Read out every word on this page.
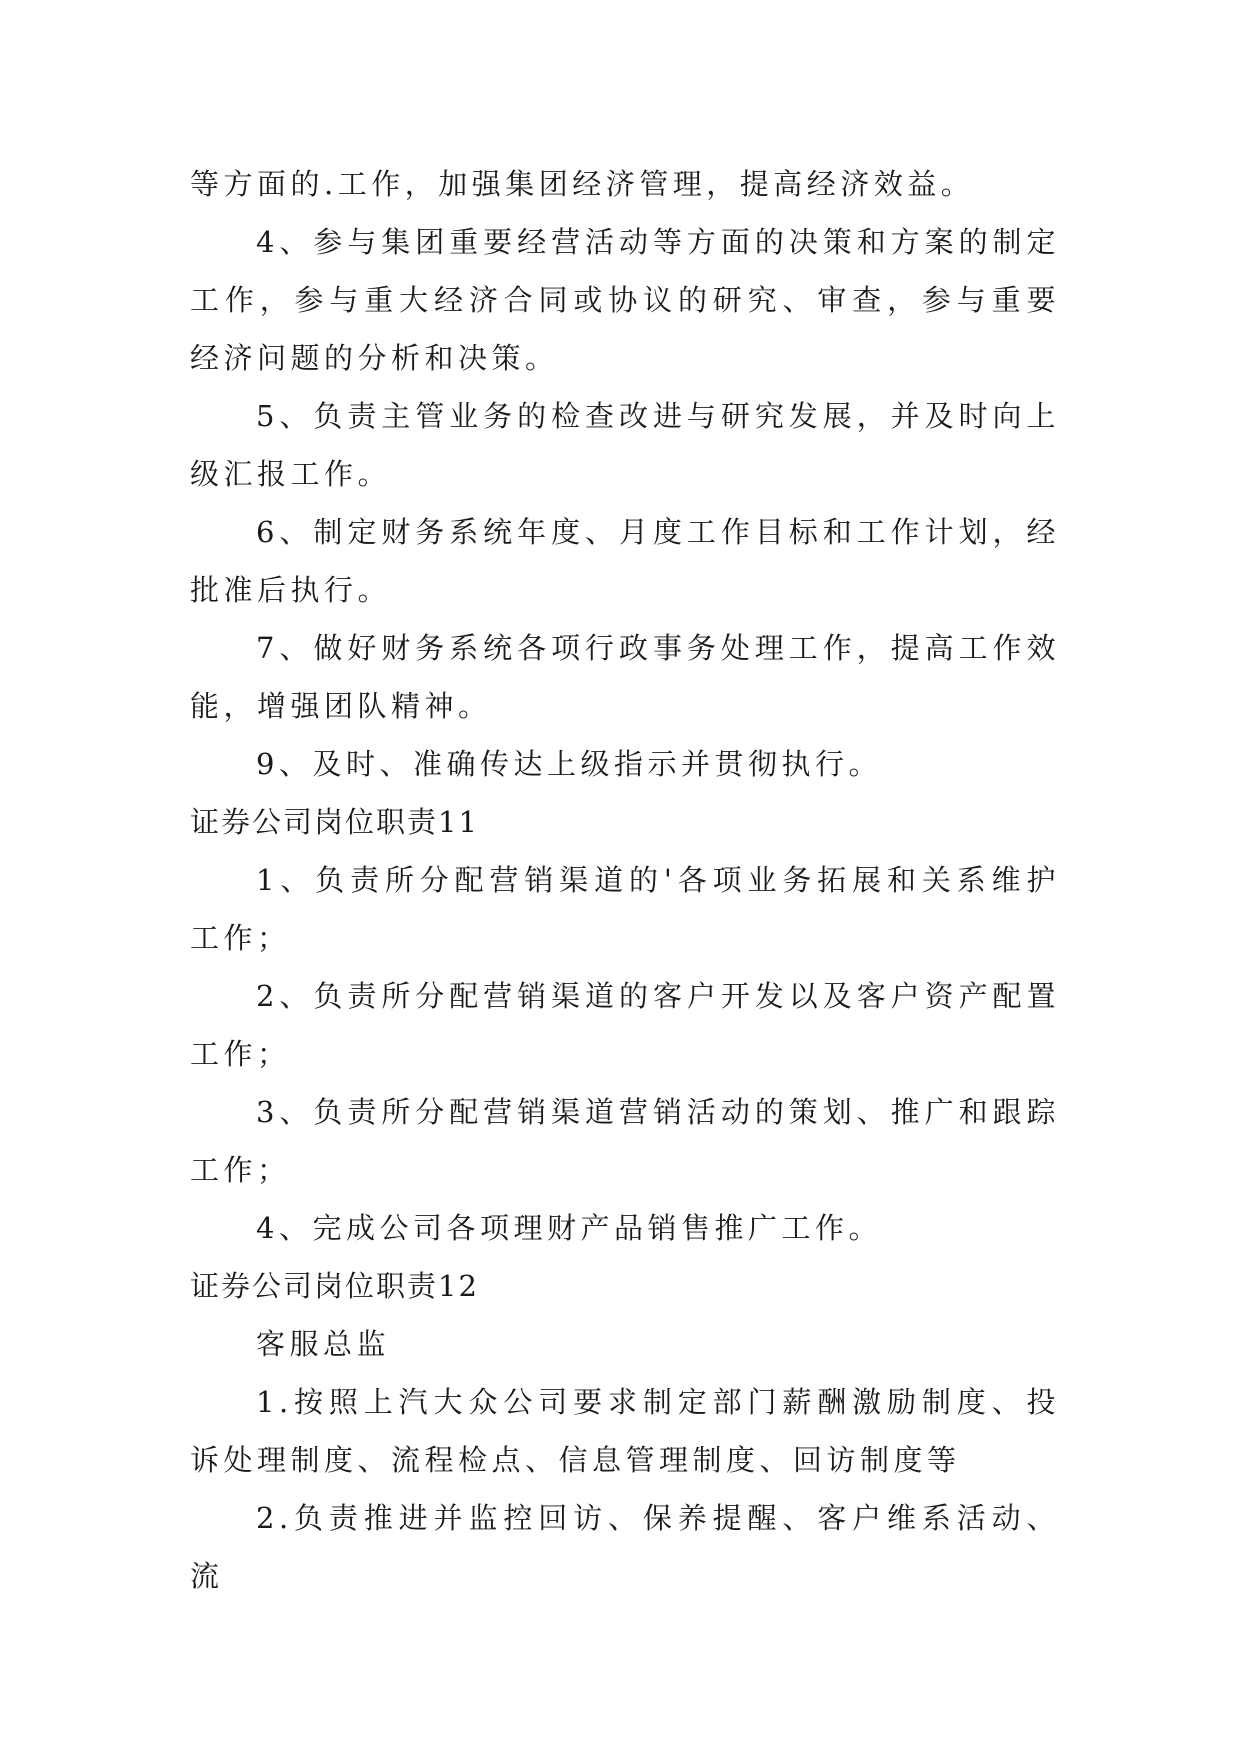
等方面的.工作，加强集团经济管理，提高经济效益。

4、参与集团重要经营活动等方面的决策和方案的制定工作，参与重大经济合同或协议的研究、审查，参与重要经济问题的分析和决策。

5、负责主管业务的检查改进与研究发展，并及时向上级汇报工作。

6、制定财务系统年度、月度工作目标和工作计划，经批准后执行。

7、做好财务系统各项行政事务处理工作，提高工作效能，增强团队精神。

9、及时、准确传达上级指示并贯彻执行。

证券公司岗位职责11

1、负责所分配营销渠道的'各项业务拓展和关系维护工作；

2、负责所分配营销渠道的客户开发以及客户资产配置工作；

3、负责所分配营销渠道营销活动的策划、推广和跟踪工作；

4、完成公司各项理财产品销售推广工作。

证券公司岗位职责12

客服总监

1.按照上汽大众公司要求制定部门薪酬激励制度、投诉处理制度、流程检点、信息管理制度、回访制度等

2.负责推进并监控回访、保养提醒、客户维系活动、流
